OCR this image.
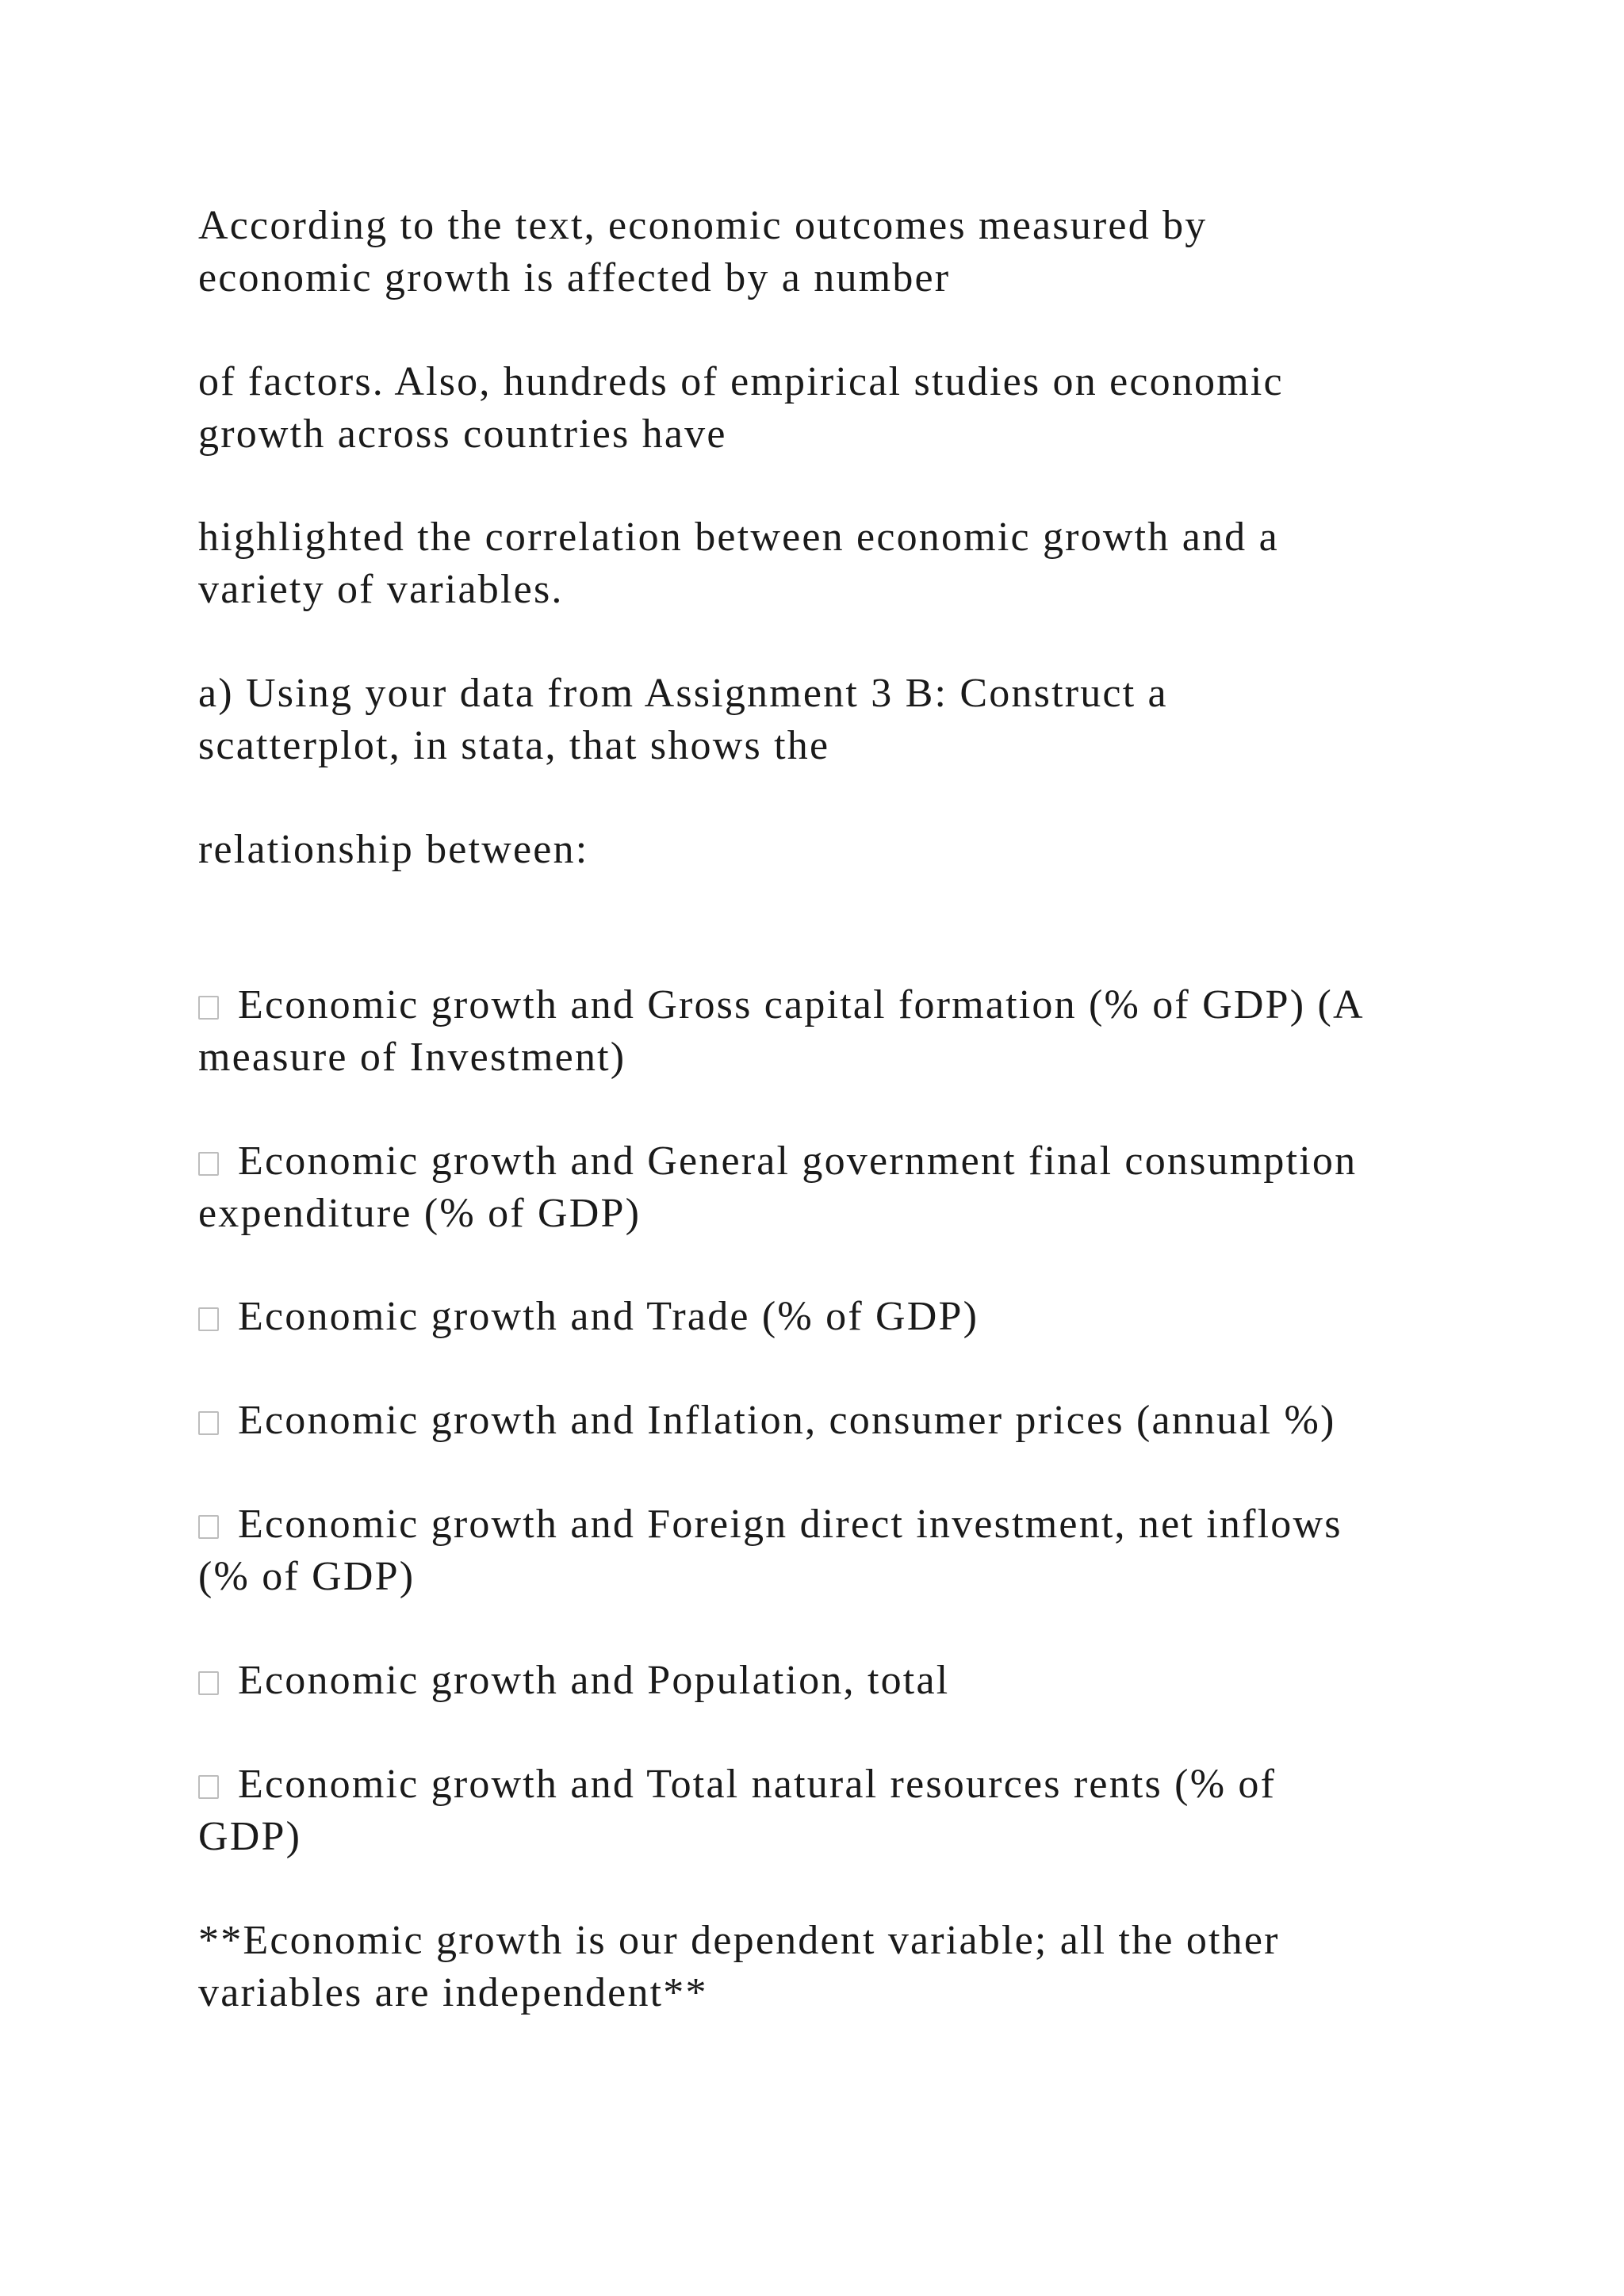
According to the text, economic outcomes measured by
economic growth is affected by a number
of factors. Also, hundreds of empirical studies on economic
growth across countries have
highlighted the correlation between economic growth and a
variety of variables.
a) Using your data from Assignment 3 B: Construct a
scatterplot, in stata, that shows the
relationship between:
Economic growth and Gross capital formation (% of GDP) (A
measure of Investment)
Economic growth and General government final consumption
expenditure (% of GDP)
Economic growth and Trade (% of GDP)
Economic growth and Inflation, consumer prices (annual %)
Economic growth and Foreign direct investment, net inflows
(% of GDP)
Economic growth and Population, total
Economic growth and Total natural resources rents (% of
GDP)
**Economic growth is our dependent variable; all the other
variables are independent**
